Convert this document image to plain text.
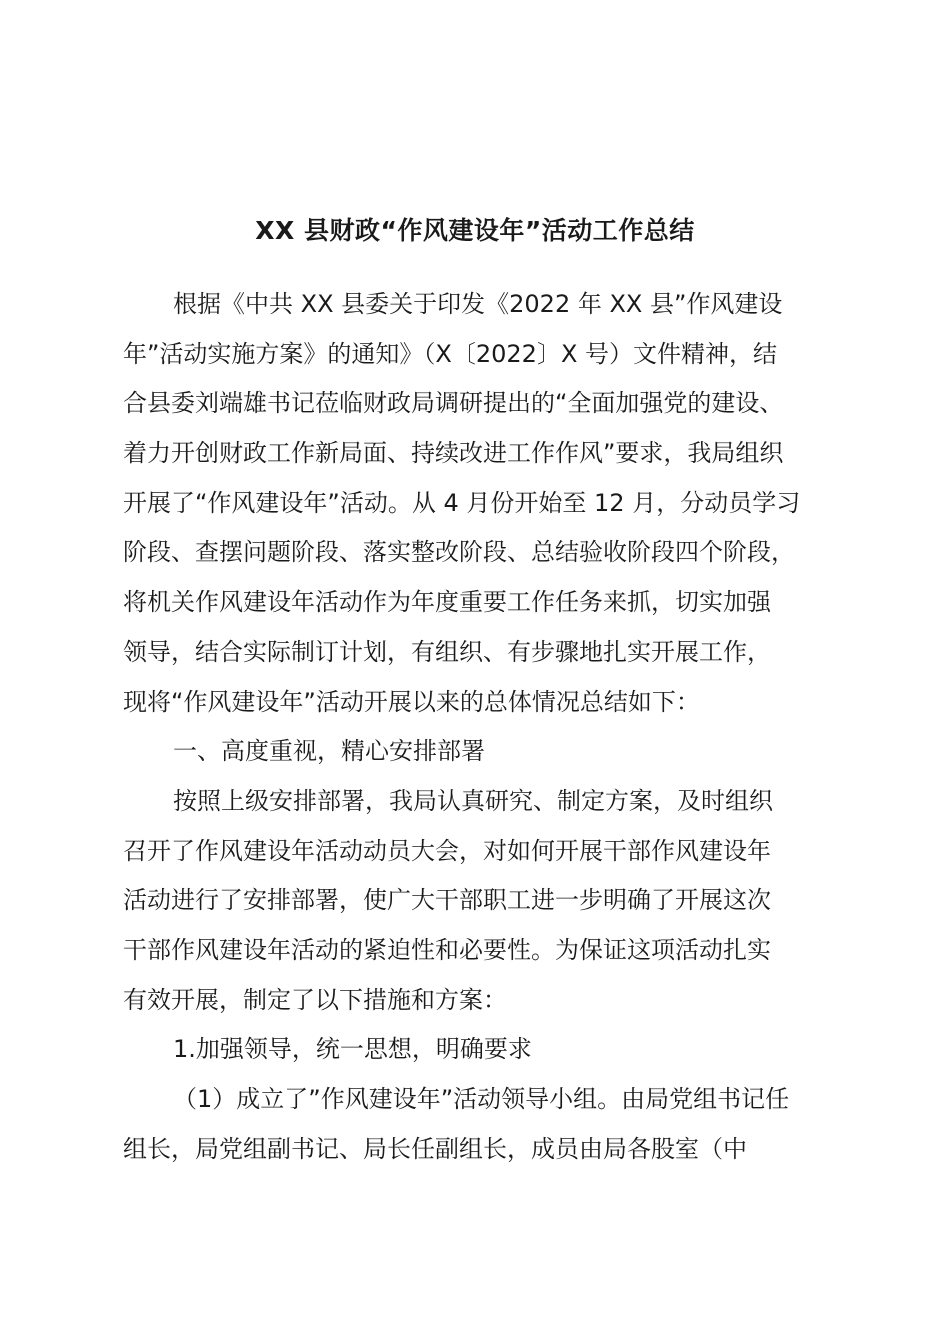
XX 县财政“作风建设年”活动工作总结
根据《中共 XX 县委关于印发《2022 年 XX 县”作风建设
年”活动实施方案》的通知》（X〔2022〕X 号）文件精神，结
合县委刘端雄书记莅临财政局调研提出的“全面加强党的建设、
着力开创财政工作新局面、持续改进工作作风”要求，我局组织
开展了“作风建设年”活动。从 4 月份开始至 12 月，分动员学习
阶段、查摆问题阶段、落实整改阶段、总结验收阶段四个阶段，
将机关作风建设年活动作为年度重要工作任务来抓，切实加强
领导，结合实际制订计划，有组织、有步骤地扎实开展工作，
现将“作风建设年”活动开展以来的总体情况总结如下：
一、高度重视，精心安排部署
按照上级安排部署，我局认真研究、制定方案，及时组织
召开了作风建设年活动动员大会，对如何开展干部作风建设年
活动进行了安排部署，使广大干部职工进一步明确了开展这次
干部作风建设年活动的紧迫性和必要性。为保证这项活动扎实
有效开展，制定了以下措施和方案：
1.加强领导，统一思想，明确要求
（1）成立了”作风建设年”活动领导小组。由局党组书记任
组长，局党组副书记、局长任副组长，成员由局各股室（中
